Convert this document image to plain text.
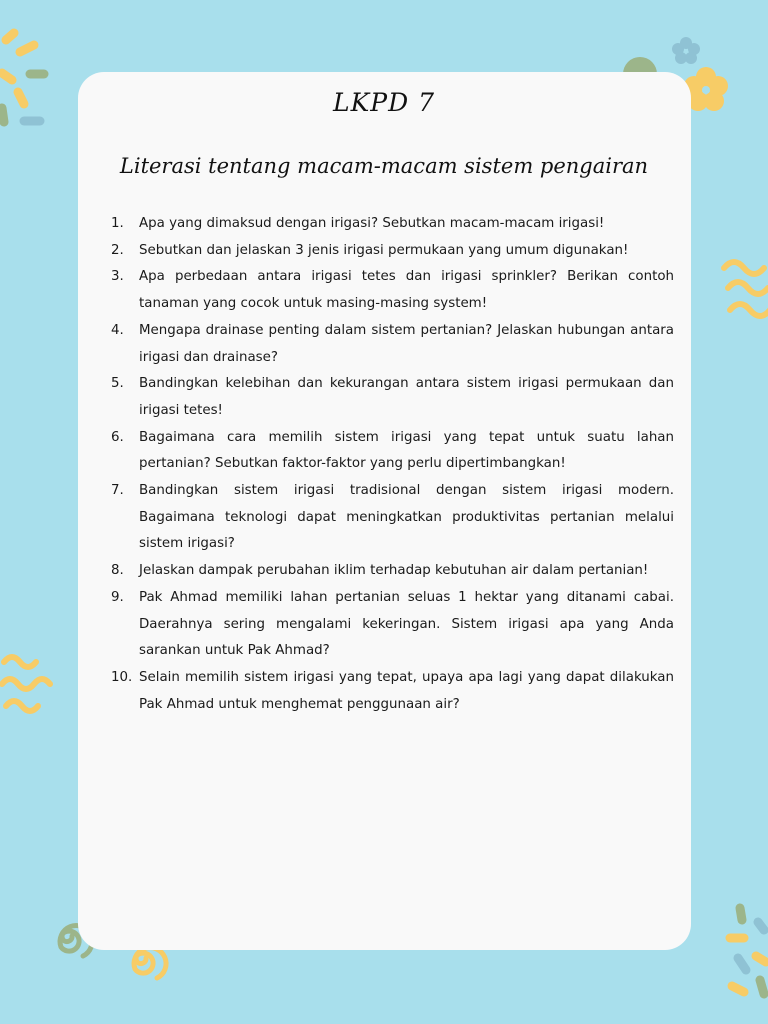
LKPD 7
Literasi tentang macam-macam sistem pengairan
1.	Apa yang dimaksud dengan irigasi? Sebutkan macam-macam irigasi!
2.	Sebutkan dan jelaskan 3 jenis irigasi permukaan yang umum digunakan!
3.	Apa perbedaan antara irigasi tetes dan irigasi sprinkler? Berikan contoh tanaman yang cocok untuk masing-masing system!
4.	Mengapa drainase penting dalam sistem pertanian? Jelaskan hubungan antara irigasi dan drainase?
5.	Bandingkan kelebihan dan kekurangan antara sistem irigasi permukaan dan irigasi tetes!
6.	Bagaimana cara memilih sistem irigasi yang tepat untuk suatu lahan pertanian? Sebutkan faktor-faktor yang perlu dipertimbangkan!
7.	Bandingkan sistem irigasi tradisional dengan sistem irigasi modern. Bagaimana teknologi dapat meningkatkan produktivitas pertanian melalui sistem irigasi?
8.	Jelaskan dampak perubahan iklim terhadap kebutuhan air dalam pertanian!
9.	Pak Ahmad memiliki lahan pertanian seluas 1 hektar yang ditanami cabai. Daerahnya sering mengalami kekeringan. Sistem irigasi apa yang Anda sarankan untuk Pak Ahmad?
10. Selain memilih sistem irigasi yang tepat, upaya apa lagi yang dapat dilakukan Pak Ahmad untuk menghemat penggunaan air?
